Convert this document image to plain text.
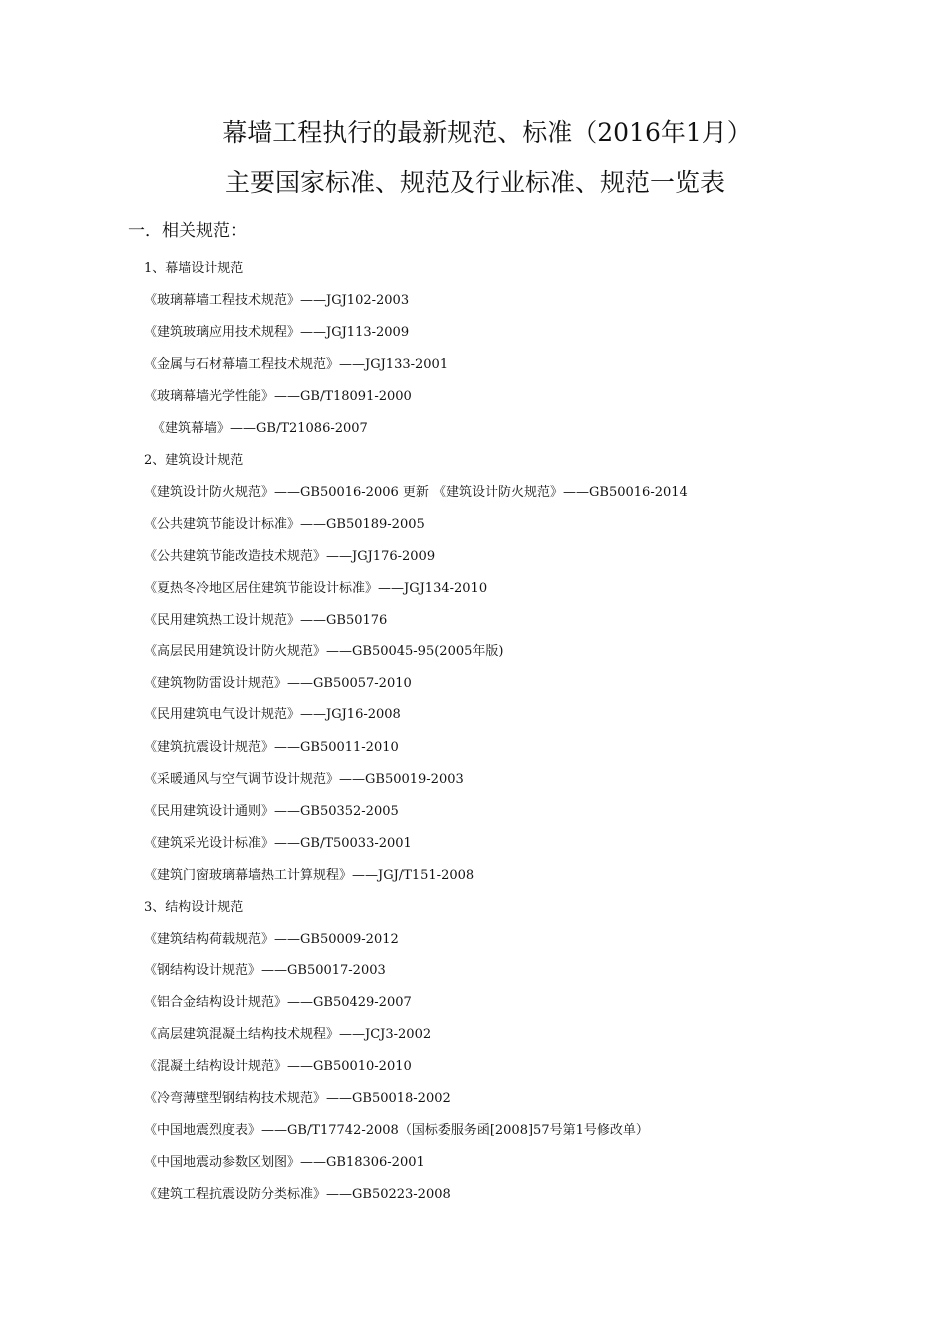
幕墙工程执行的最新规范、标准（2016年1月）
主要国家标准、规范及行业标准、规范一览表
一．相关规范：
1、幕墙设计规范
《玻璃幕墙工程技术规范》——JGJ102-2003
《建筑玻璃应用技术规程》——JGJ113-2009
《金属与石材幕墙工程技术规范》——JGJ133-2001
《玻璃幕墙光学性能》——GB/T18091-2000
《建筑幕墙》——GB/T21086-2007
2、建筑设计规范
《建筑设计防火规范》——GB50016-2006 更新 《建筑设计防火规范》——GB50016-2014
《公共建筑节能设计标准》——GB50189-2005
《公共建筑节能改造技术规范》——JGJ176-2009
《夏热冬冷地区居住建筑节能设计标准》——JGJ134-2010
《民用建筑热工设计规范》——GB50176
《高层民用建筑设计防火规范》——GB50045-95(2005年版)
《建筑物防雷设计规范》——GB50057-2010
《民用建筑电气设计规范》——JGJ16-2008
《建筑抗震设计规范》——GB50011-2010
《采暖通风与空气调节设计规范》——GB50019-2003
《民用建筑设计通则》——GB50352-2005
《建筑采光设计标准》——GB/T50033-2001
《建筑门窗玻璃幕墙热工计算规程》——JGJ/T151-2008
3、结构设计规范
《建筑结构荷载规范》——GB50009-2012
《钢结构设计规范》——GB50017-2003
《铝合金结构设计规范》——GB50429-2007
《高层建筑混凝土结构技术规程》——JCJ3-2002
《混凝土结构设计规范》——GB50010-2010
《冷弯薄壁型钢结构技术规范》——GB50018-2002
《中国地震烈度表》——GB/T17742-2008（国标委服务函[2008]57号第1号修改单）
《中国地震动参数区划图》——GB18306-2001
《建筑工程抗震设防分类标准》——GB50223-2008
